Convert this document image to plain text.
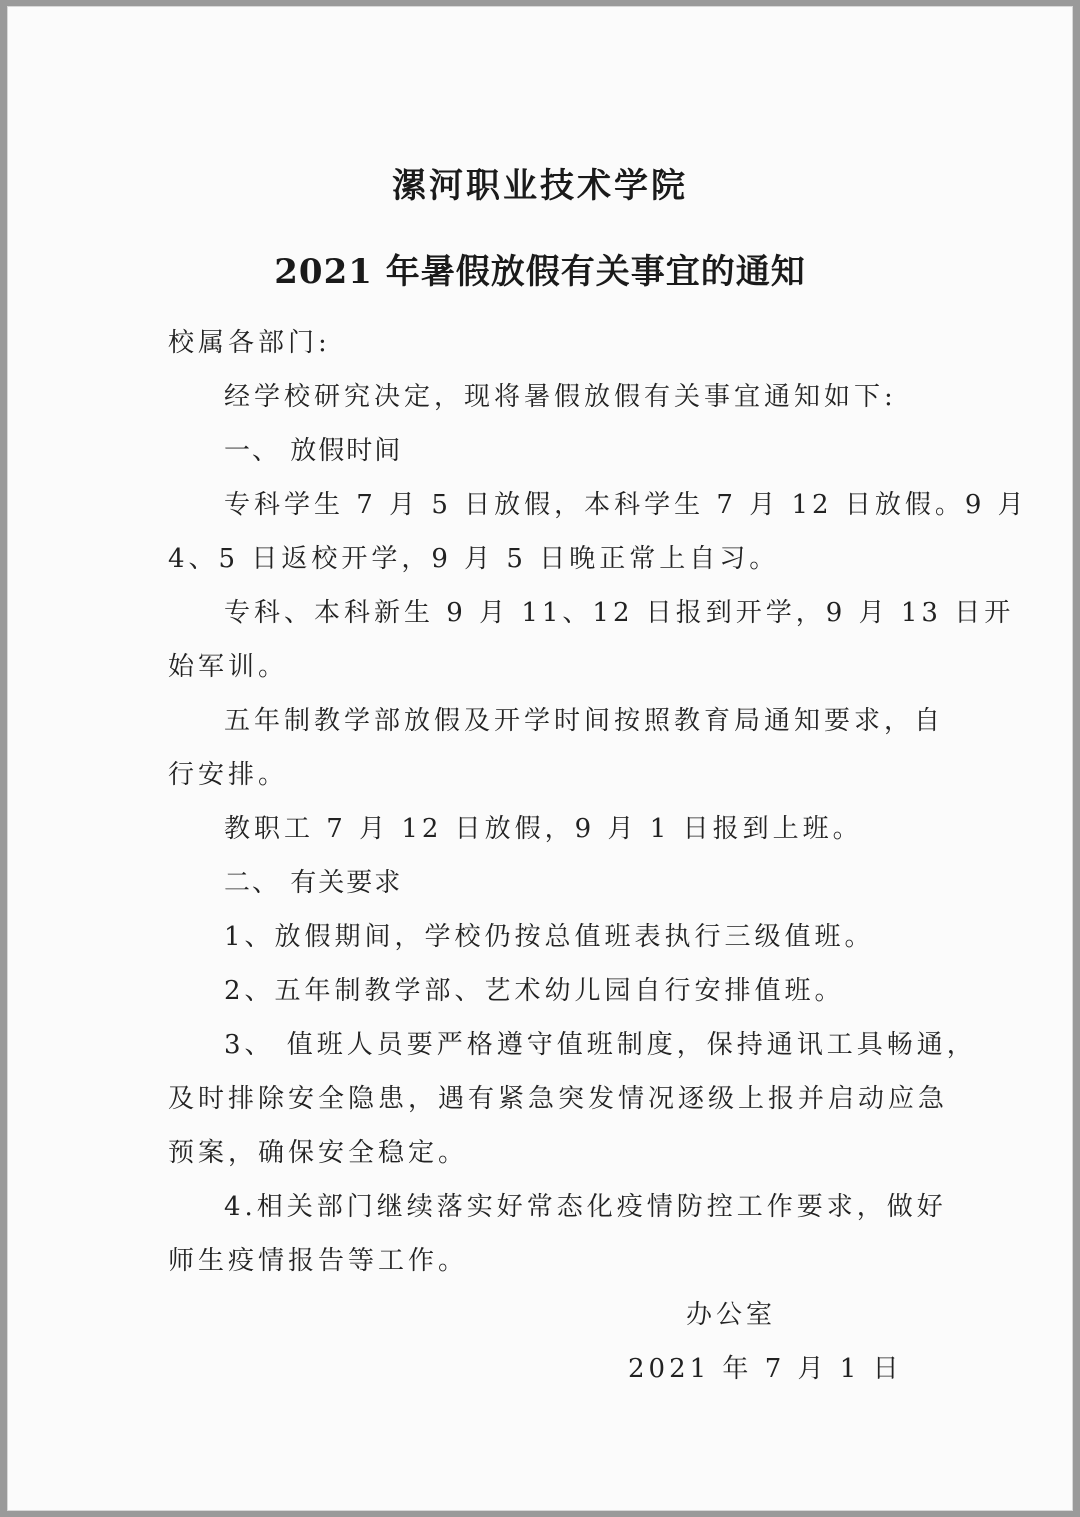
漯河职业技术学院
2021 年暑假放假有关事宜的通知

校属各部门:

经学校研究决定，现将暑假放假有关事宜通知如下:

一、 放假时间

专科学生 7 月 5 日放假，本科学生 7 月 12 日放假。9 月

4、5 日返校开学，9 月 5 日晚正常上自习。

专科、本科新生 9 月 11、12 日报到开学，9 月 13 日开

始军训。

五年制教学部放假及开学时间按照教育局通知要求，自

行安排。

教职工 7 月 12 日放假，9 月 1 日报到上班。

二、 有关要求

1、放假期间，学校仍按总值班表执行三级值班。

2、五年制教学部、艺术幼儿园自行安排值班。

3、 值班人员要严格遵守值班制度，保持通讯工具畅通，

及时排除安全隐患，遇有紧急突发情况逐级上报并启动应急

预案，确保安全稳定。

4.相关部门继续落实好常态化疫情防控工作要求，做好

师生疫情报告等工作。

办公室

2021 年 7 月 1 日
